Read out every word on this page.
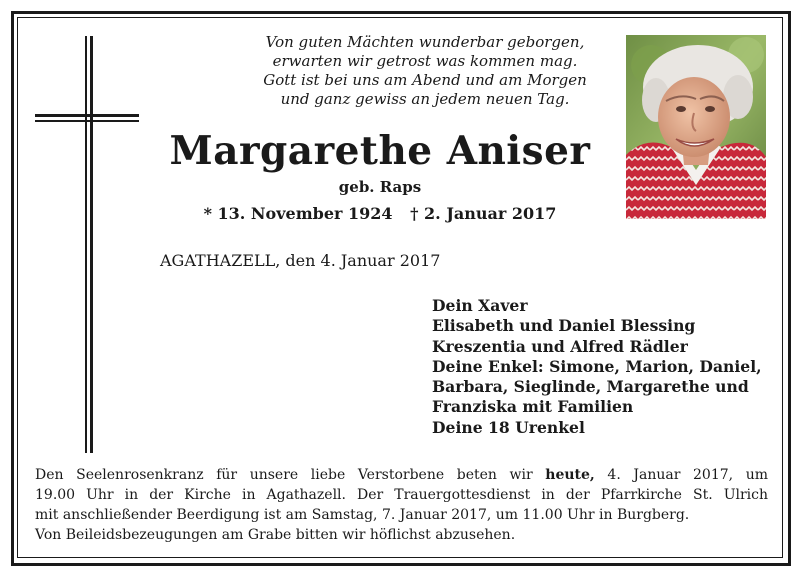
Von guten Mächten wunderbar geborgen,
erwarten wir getrost was kommen mag.
Gott ist bei uns am Abend und am Morgen
und ganz gewiss an jedem neuen Tag.
Margarethe Aniser
geb. Raps
* 13. November 1924 † 2. Januar 2017
AGATHAZELL, den 4. Januar 2017
Dein Xaver
Elisabeth und Daniel Blessing
Kreszentia und Alfred Rädler
Deine Enkel: Simone, Marion, Daniel,
Barbara, Sieglinde, Margarethe und
Franziska mit Familien
Deine 18 Urenkel
Den Seelenrosenkranz für unsere liebe Verstorbene beten wir heute, 4. Januar 2017, um
19.00 Uhr in der Kirche in Agathazell. Der Trauergottesdienst in der Pfarrkirche St. Ulrich
mit anschließender Beerdigung ist am Samstag, 7. Januar 2017, um 11.00 Uhr in Burgberg.
Von Beileidsbezeugungen am Grabe bitten wir höflichst abzusehen.
